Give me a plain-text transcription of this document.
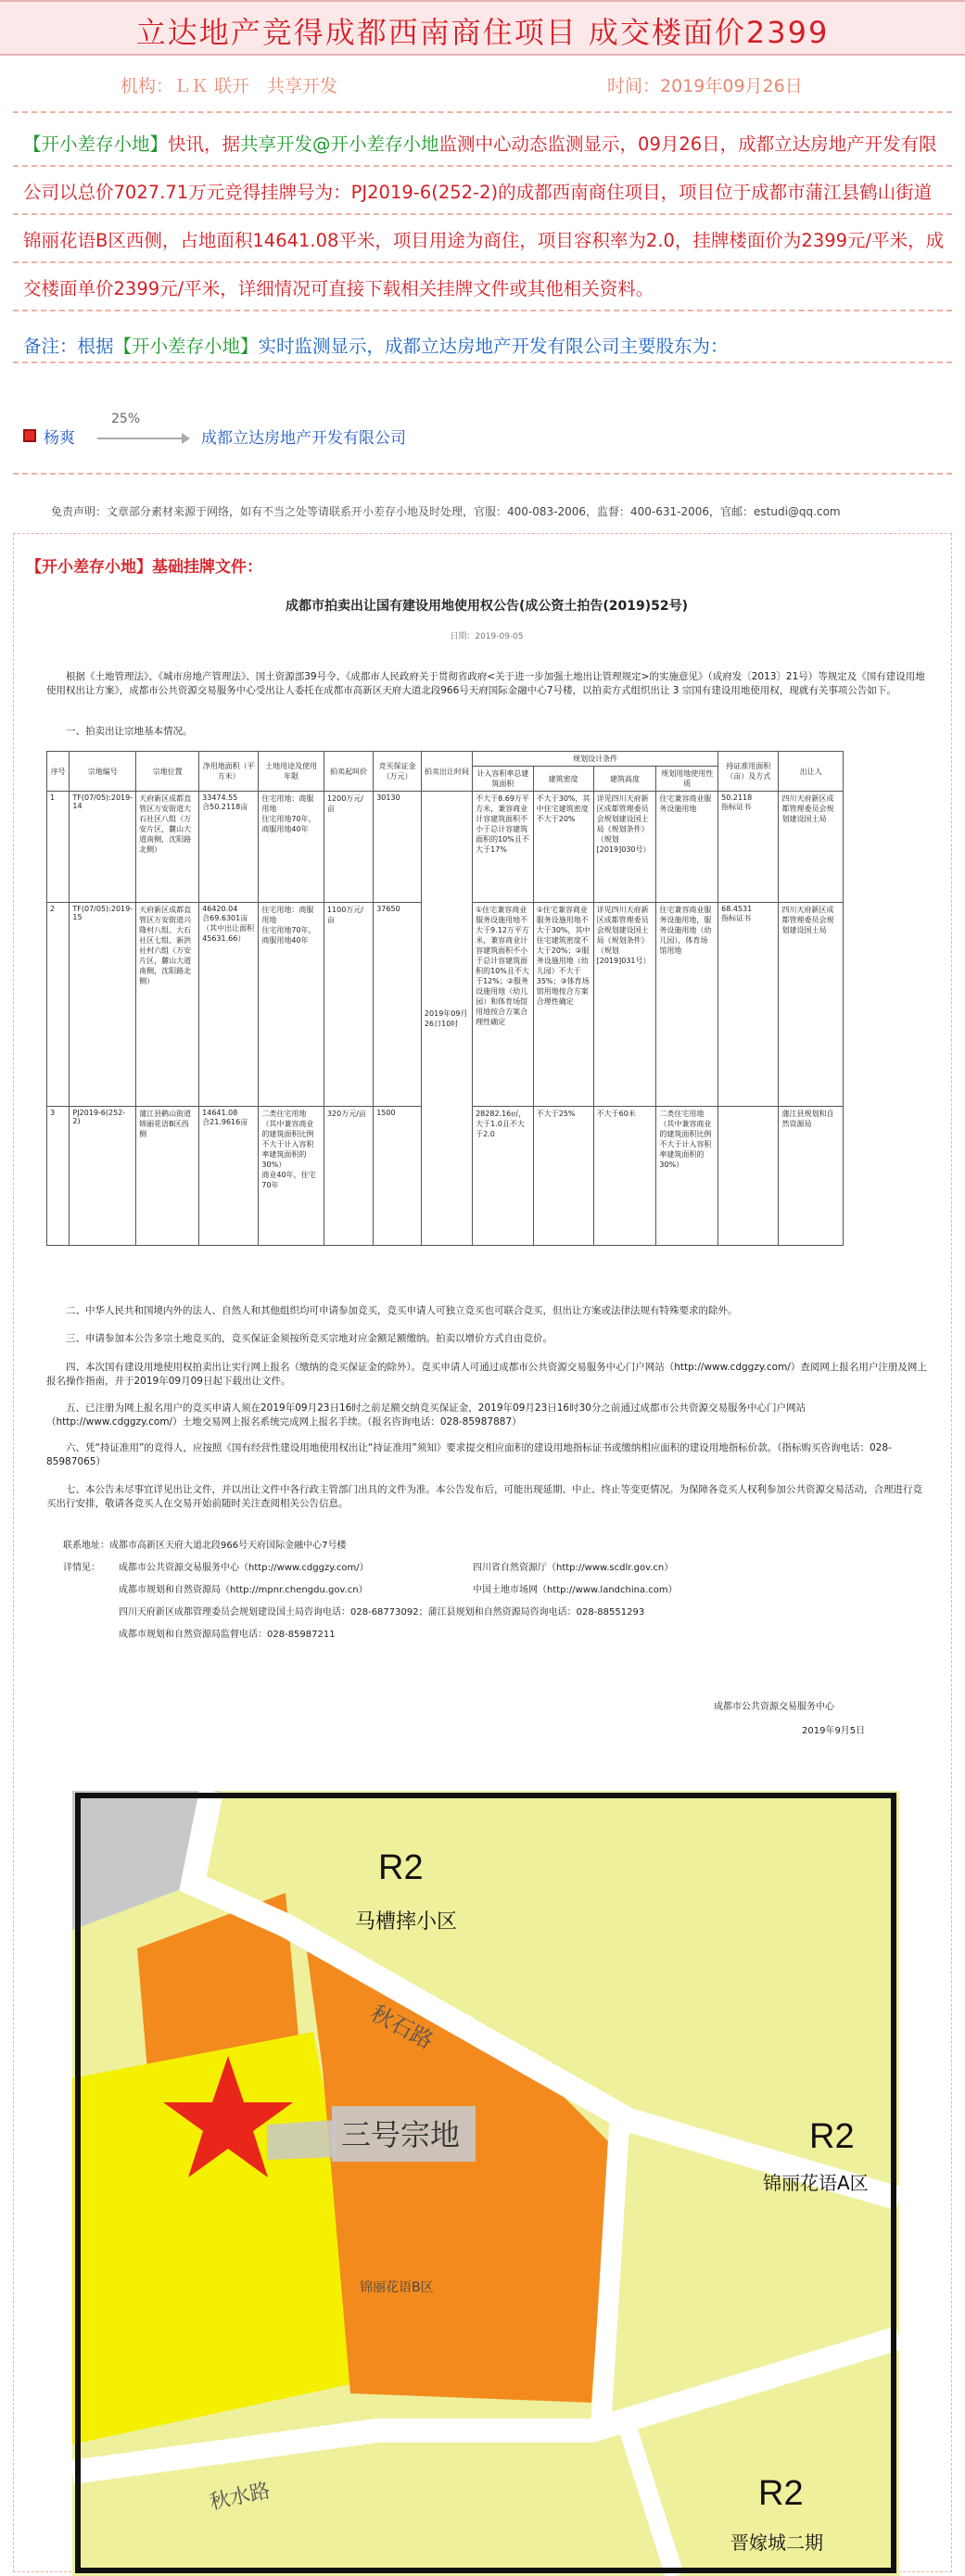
立达地产竞得成都西南商住项目 成交楼面价2399
机构：ＬＫ 联开　共享开发	时间：2019年09月26日
【开小差存小地】快讯，据共享开发@开小差存小地监测中心动态监测显示，09月26日，成都立达房地产开发有限公司以总价7027.71万元竞得挂牌号为：PJ2019-6(252-2)的成都西南商住项目，项目位于成都市蒲江县鹤山街道锦丽花语B区西侧，占地面积14641.08平米，项目用途为商住，项目容积率为2.0，挂牌楼面价为2399元/平米，成交楼面单价2399元/平米，详细情况可直接下载相关挂牌文件或其他相关资料。
备注：根据【开小差存小地】实时监测显示，成都立达房地产开发有限公司主要股东为：
杨爽
25%
成都立达房地产开发有限公司
免责声明：文章部分素材来源于网络，如有不当之处等请联系开小差存小地及时处理，官服：400-083-2006，监督：400-631-2006，官邮：estudi@qq.com
【开小差存小地】基础挂牌文件：
成都市拍卖出让国有建设用地使用权公告(成公资土拍告(2019)52号)
日期：2019-09-05
根据《土地管理法》、《城市房地产管理法》、国土资源部39号令、《成都市人民政府关于贯彻省政府<关于进一步加强土地出让管理规定>的实施意见》（成府发〔2013〕21号）等规定及《国有建设用地使用权出让方案》，成都市公共资源交易服务中心受出让人委托在成都市高新区天府大道北段966号天府国际金融中心7号楼，以拍卖方式组织出让 3 宗国有建设用地使用权，现就有关事项公告如下。
一、拍卖出让宗地基本情况。
序号	宗地编号	宗地位置	净用地面积（平方米）	土地用途及使用年限	拍卖起叫价	竞买保证金（万元）	拍卖出让时间	规划设计条件				持证准用面积（亩）及方式	出让人
								计入容积率总建筑面积	建筑密度	建筑高度	规划用地使用性质		
1	TF(07/05):2019-14	天府新区成都直管区万安街道大石社区八组（万安片区，麓山大道南侧，沈阳路北侧）	33474.55
合50.2118亩	住宅用地：商服用地
住宅用地70年，商服用地40年	1200万元/亩	30130	2019年09月26日10时	不大于8.69万平方米，兼容商业计容建筑面积不小于总计容建筑面积的10%且不大于17%	不大于30%，其中住宅建筑密度不大于20%	详见四川天府新区成都管理委员会规划建设国土局《规划条件》（规划[2019]030号）	住宅兼容商业服务设施用地	50.2118
指标证书	四川天府新区成都管理委员会规划建设国土局
2	TF(07/05):2019-15	天府新区成都直管区万安街道兴隆村八组、大石社区七组、新洪社村六组（万安片区，麓山大道南侧，沈阳路北侧）	46420.04
合69.6301亩（其中出让面积45631.66）	住宅用地：商服用地
住宅用地70年，商服用地40年	1100万元/亩	37650		①住宅兼容商业服务设施用地不大于9.12万平方米，兼容商业计容建筑面积不小于总计容建筑面积的10%且不大于12%；②服务设施用地（幼儿园）和体育场馆用地按合方案合理性确定	①住宅兼容商业服务设施用地不大于30%，其中住宅建筑密度不大于20%；②服务设施用地（幼儿园）不大于35%；③体育场馆用地按合方案合理性确定	详见四川天府新区成都管理委员会规划建设国土局《规划条件》（规划[2019]031号）	住宅兼容商业服务设施用地，服务设施用地（幼儿园），体育场馆用地	68.4531
指标证书	四川天府新区成都管理委员会规划建设国土局
3	PJ2019-6(252-2)	蒲江县鹤山街道锦丽花语B区西侧	14641.08
合21.9616亩	二类住宅用地（其中兼容商业的建筑面积比例不大于计入容积率建筑面积的30%）
商业40年，住宅70年	320万元/亩	1500		28282.16㎡，大于1.0且不大于2.0	不大于25%	不大于60米	二类住宅用地（其中兼容商业的建筑面积比例不大于计入容积率建筑面积的30%）		蒲江县规划和自然资源局
二、中华人民共和国境内外的法人、自然人和其他组织均可申请参加竞买，竞买申请人可独立竞买也可联合竞买，但出让方案或法律法规有特殊要求的除外。
三、申请参加本公告多宗土地竞买的，竞买保证金须按所竞买宗地对应金额足额缴纳。拍卖以增价方式自由竞价。
四、本次国有建设用地使用权拍卖出让实行网上报名（缴纳的竞买保证金的除外）。竞买申请人可通过成都市公共资源交易服务中心门户网站（http://www.cdggzy.com/）查阅网上报名用户注册及网上报名操作指南，并于2019年09月09日起下载出让文件。
五、已注册为网上报名用户的竞买申请人须在2019年09月23日16时之前足额交纳竞买保证金，2019年09月23日16时30分之前通过成都市公共资源交易服务中心门户网站（http://www.cdggzy.com/）土地交易网上报名系统完成网上报名手续。（报名咨询电话：028-85987887）
六、凭“持证准用”的竞得人，应按照《国有经营性建设用地使用权出让“持证准用”须知》要求提交相应面积的建设用地指标证书或缴纳相应面积的建设用地指标价款。（指标购买咨询电话：028-85987065）
七、本公告未尽事宜详见出让文件，并以出让文件中各行政主管部门出具的文件为准。本公告发布后，可能出现延期、中止、终止等变更情况。为保障各竞买人权利参加公共资源交易活动，合理进行竞买出行安排，敬请各竞买人在交易开始前随时关注查阅相关公告信息。
联系地址：成都市高新区天府大道北段966号天府国际金融中心7号楼
详情见： 成都市公共资源交易服务中心（http://www.cdggzy.com/）	四川省自然资源厅（http://www.scdlr.gov.cn）
成都市规划和自然资源局（http://mpnr.chengdu.gov.cn）	中国土地市场网（http://www.landchina.com）
四川天府新区成都管理委员会规划建设国土局咨询电话：028-68773092；蒲江县规划和自然资源局咨询电话：028-88551293
成都市规划和自然资源局监督电话：028-85987211
成都市公共资源交易服务中心
2019年9月5日
R2
马槽摔小区
R2
锦丽花语A区
R2
晋嫁城二期
秋石路
秋水路
三号宗地
锦丽花语B区
